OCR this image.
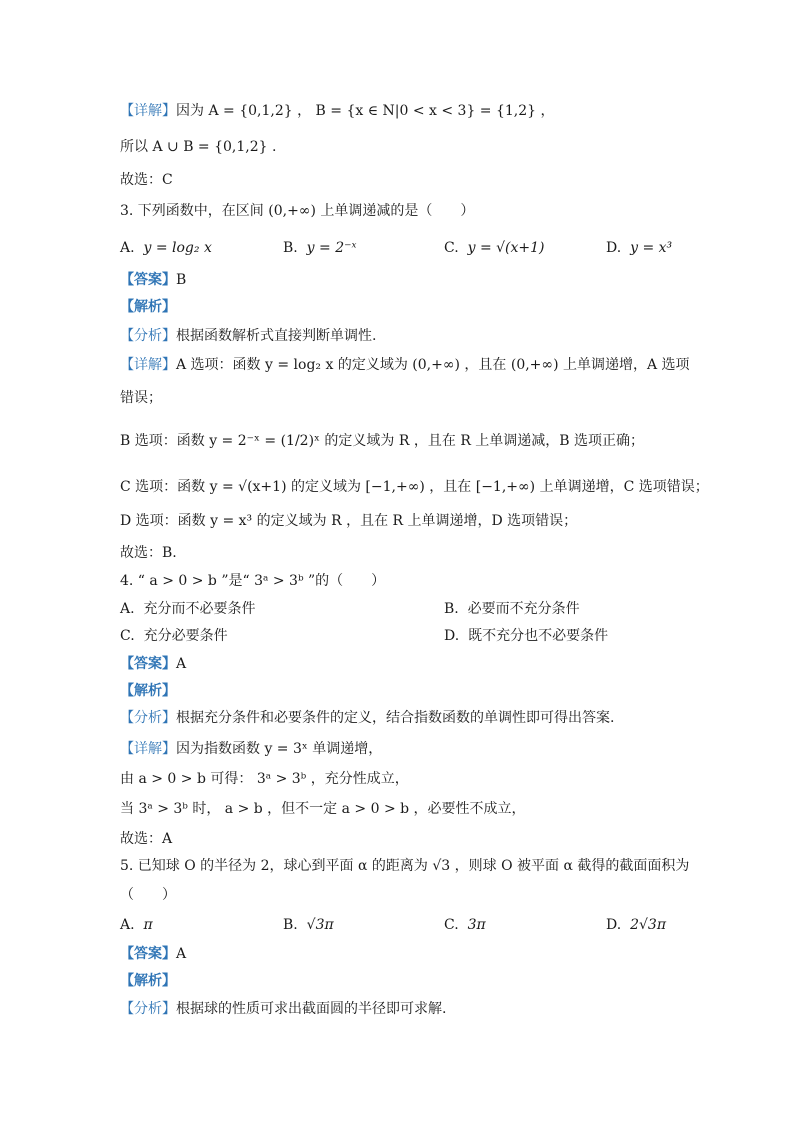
【详解】因为 A = {0,1,2} ， B = {x ∈ N|0 < x < 3} = {1,2} ，
所以 A ∪ B = {0,1,2} .
故选：C
3. 下列函数中，在区间 (0,+∞) 上单调递减的是（　　）
A. y = log₂ x	B. y = 2⁻ˣ	C. y = √(x+1)	D. y = x³
【答案】B
【解析】
【分析】根据函数解析式直接判断单调性.
【详解】A 选项：函数 y = log₂ x 的定义域为 (0,+∞) ，且在 (0,+∞) 上单调递增，A 选项
错误；
B 选项：函数 y = 2⁻ˣ = (1/2)ˣ 的定义域为 R ，且在 R 上单调递减，B 选项正确；
C 选项：函数 y = √(x+1) 的定义域为 [−1,+∞) ，且在 [−1,+∞) 上单调递增，C 选项错误；
D 选项：函数 y = x³ 的定义域为 R ，且在 R 上单调递增，D 选项错误；
故选：B.
4. “ a > 0 > b ”是“ 3ᵃ > 3ᵇ ”的（　　）
A. 充分而不必要条件	B. 必要而不充分条件
C. 充分必要条件	D. 既不充分也不必要条件
【答案】A
【解析】
【分析】根据充分条件和必要条件的定义，结合指数函数的单调性即可得出答案.
【详解】因为指数函数 y = 3ˣ 单调递增，
由 a > 0 > b 可得： 3ᵃ > 3ᵇ ，充分性成立，
当 3ᵃ > 3ᵇ 时， a > b ，但不一定 a > 0 > b ，必要性不成立，
故选：A
5. 已知球 O 的半径为 2，球心到平面 α 的距离为 √3 ，则球 O 被平面 α 截得的截面面积为
（　　）
A. π	B. √3π	C. 3π	D. 2√3π
【答案】A
【解析】
【分析】根据球的性质可求出截面圆的半径即可求解.
